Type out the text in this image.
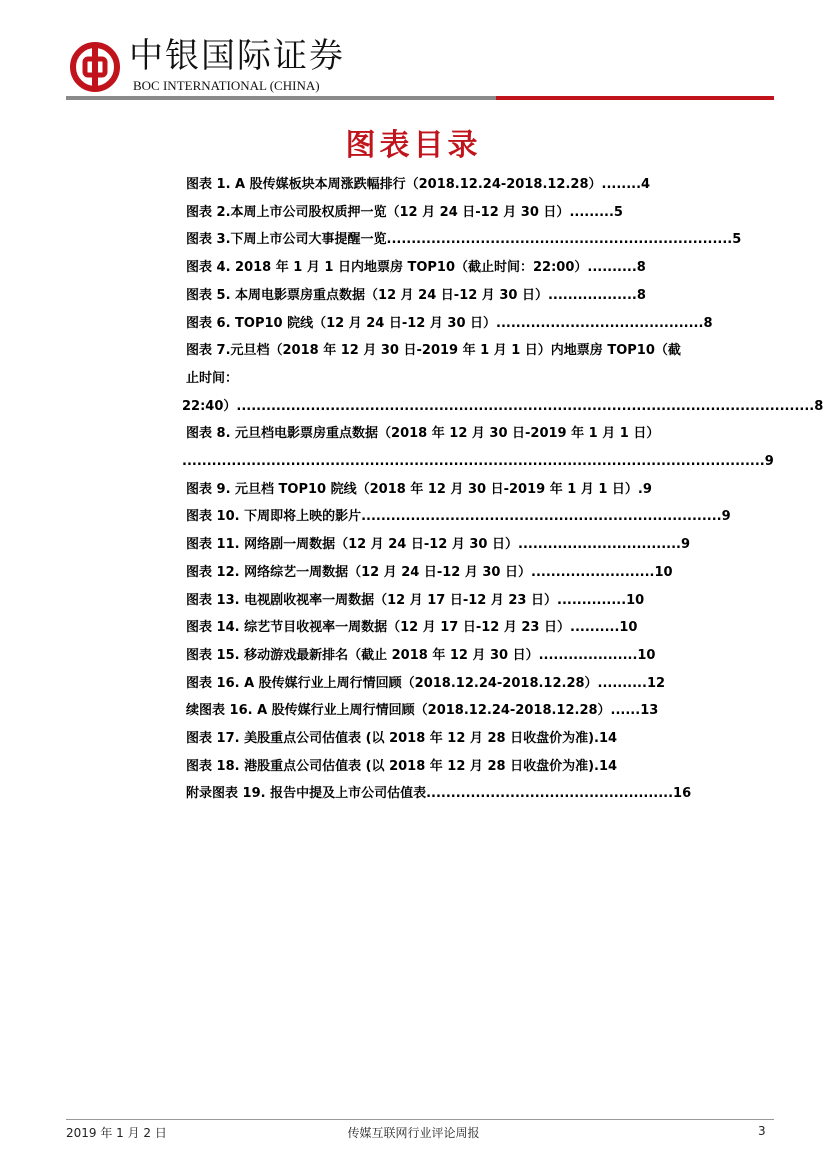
中银国际证券
BOC INTERNATIONAL (CHINA)
图表目录
图表 1. A 股传媒板块本周涨跌幅排行（2018.12.24-2018.12.28）........4
图表 2.本周上市公司股权质押一览（12 月 24 日-12 月 30 日）.........5
图表 3.下周上市公司大事提醒一览......................................................................5
图表 4. 2018 年 1 月 1 日内地票房 TOP10（截止时间：22:00）..........8
图表 5. 本周电影票房重点数据（12 月 24 日-12 月 30 日）..................8
图表 6. TOP10 院线（12 月 24 日-12 月 30 日）..........................................8
图表 7.元旦档（2018 年 12 月 30 日-2019 年 1 月 1 日）内地票房 TOP10（截止时间：
22:40）.....................................................................................................................8
图表 8. 元旦档电影票房重点数据（2018 年 12 月 30 日-2019 年 1 月 1 日）
......................................................................................................................9
图表 9. 元旦档 TOP10 院线（2018 年 12 月 30 日-2019 年 1 月 1 日）.9
图表 10. 下周即将上映的影片.........................................................................9
图表 11. 网络剧一周数据（12 月 24 日-12 月 30 日）.................................9
图表 12. 网络综艺一周数据（12 月 24 日-12 月 30 日）.........................10
图表 13. 电视剧收视率一周数据（12 月 17 日-12 月 23 日）..............10
图表 14. 综艺节目收视率一周数据（12 月 17 日-12 月 23 日）..........10
图表 15. 移动游戏最新排名（截止 2018 年 12 月 30 日）....................10
图表 16. A 股传媒行业上周行情回顾（2018.12.24-2018.12.28）..........12
续图表 16. A 股传媒行业上周行情回顾（2018.12.24-2018.12.28）......13
图表 17. 美股重点公司估值表 (以 2018 年 12 月 28 日收盘价为准).14
图表 18. 港股重点公司估值表 (以 2018 年 12 月 28 日收盘价为准).14
附录图表 19. 报告中提及上市公司估值表..................................................16
2019 年 1 月 2 日	传媒互联网行业评论周报	3
